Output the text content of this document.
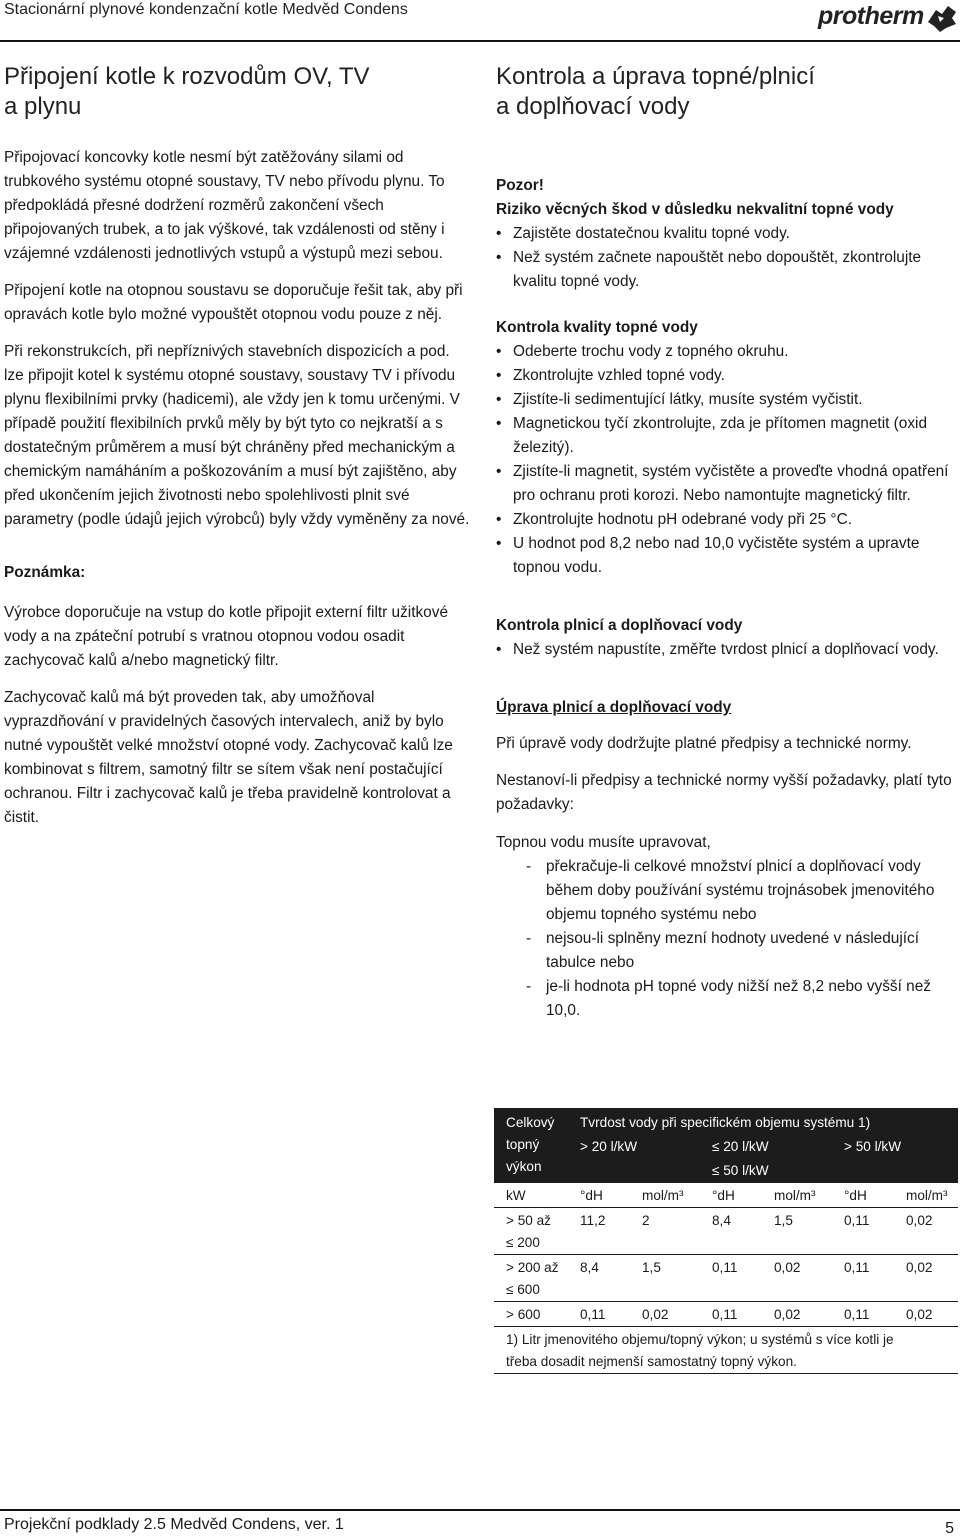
Stacionární plynové kondenzační kotle Medvěd Condens	protherm
Připojení kotle k rozvodům OV, TV
a plynu

Připojovací koncovky kotle nesmí být zatěžovány silami od trubkového systému otopné soustavy, TV nebo přívodu plynu. To předpokládá přesné dodržení rozměrů zakončení všech připojovaných trubek, a to jak výškové, tak vzdálenosti od stěny i vzájemné vzdálenosti jednotlivých vstupů a výstupů mezi sebou.

Připojení kotle na otopnou soustavu se doporučuje řešit tak, aby při opravách kotle bylo možné vypouštět otopnou vodu pouze z něj.

Při rekonstrukcích, při nepříznivých stavebních dispozicích a pod. lze připojit kotel k systému otopné soustavy, soustavy TV i přívodu plynu flexibilními prvky (hadicemi), ale vždy jen k tomu určenými. V případě použití flexibilních prvků měly by být tyto co nejkratší a s dostatečným průměrem a musí být chráněny před mechanickým a chemickým namáháním a poškozováním a musí být zajištěno, aby před ukončením jejich životnosti nebo spolehlivosti plnit své parametry (podle údajů jejich výrobců) byly vždy vyměněny za nové.

Poznámka:

Výrobce doporučuje na vstup do kotle připojit externí filtr užitkové vody a na zpáteční potrubí s vratnou otopnou vodou osadit zachycovač kalů a/nebo magnetický filtr.

Zachycovač kalů má být proveden tak, aby umožňoval vyprazdňování v pravidelných časových intervalech, aniž by bylo nutné vypouštět velké množství otopné vody. Zachycovač kalů lze kombinovat s filtrem, samotný filtr se sítem však není postačující ochranou. Filtr i zachycovač kalů je třeba pravidelně kontrolovat a čistit.

Kontrola a úprava topné/plnicí
a doplňovací vody

Pozor!

Riziko věcných škod v důsledku nekvalitní topné vody

• Zajistěte dostatečnou kvalitu topné vody.
• Než systém začnete napouštět nebo dopouštět, zkontrolujte kvalitu topné vody.

Kontrola kvality topné vody

• Odeberte trochu vody z topného okruhu.
• Zkontrolujte vzhled topné vody.
• Zjistíte-li sedimentující látky, musíte systém vyčistit.
• Magnetickou tyčí zkontrolujte, zda je přítomen magnetit (oxid železitý).
• Zjistíte-li magnetit, systém vyčistěte a proveďte vhodná opatření pro ochranu proti korozi. Nebo namontujte magnetický filtr.
• Zkontrolujte hodnotu pH odebrané vody při 25 °C.
• U hodnot pod 8,2 nebo nad 10,0 vyčistěte systém a upravte topnou vodu.

Kontrola plnicí a doplňovací vody

• Než systém napustíte, změřte tvrdost plnicí a doplňovací vody.

Úprava plnicí a doplňovací vody

Při úpravě vody dodržujte platné předpisy a technické normy.

Nestanoví-li předpisy a technické normy vyšší požadavky, platí tyto požadavky:

Topnou vodu musíte upravovat,

- překračuje-li celkové množství plnicí a doplňovací vody během doby používání systému trojnásobek jmenovitého objemu topného systému nebo
- nejsou-li splněny mezní hodnoty uvedené v následující tabulce nebo
- je-li hodnota pH topné vody nižší než 8,2 nebo vyšší než 10,0.
Celkový
topný
výkon	Tvrdost vody při specifickém objemu systému 1)					
	> 20 l/kW		≤ 20 l/kW		> 50 l/kW	
			≤ 50 l/kW			
kW	°dH	mol/m³	°dH	mol/m³	°dH	mol/m³
> 50 až
≤ 200	11,2	2	8,4	1,5	0,11	0,02
> 200 až
≤ 600	8,4	1,5	0,11	0,02	0,11	0,02
> 600	0,11	0,02	0,11	0,02	0,11	0,02
1) Litr jmenovitého objemu/topný výkon; u systémů s více kotli je
třeba dosadit nejmenší samostatný topný výkon.
Projekční podklady 2.5 Medvěd Condens, ver. 1	5
